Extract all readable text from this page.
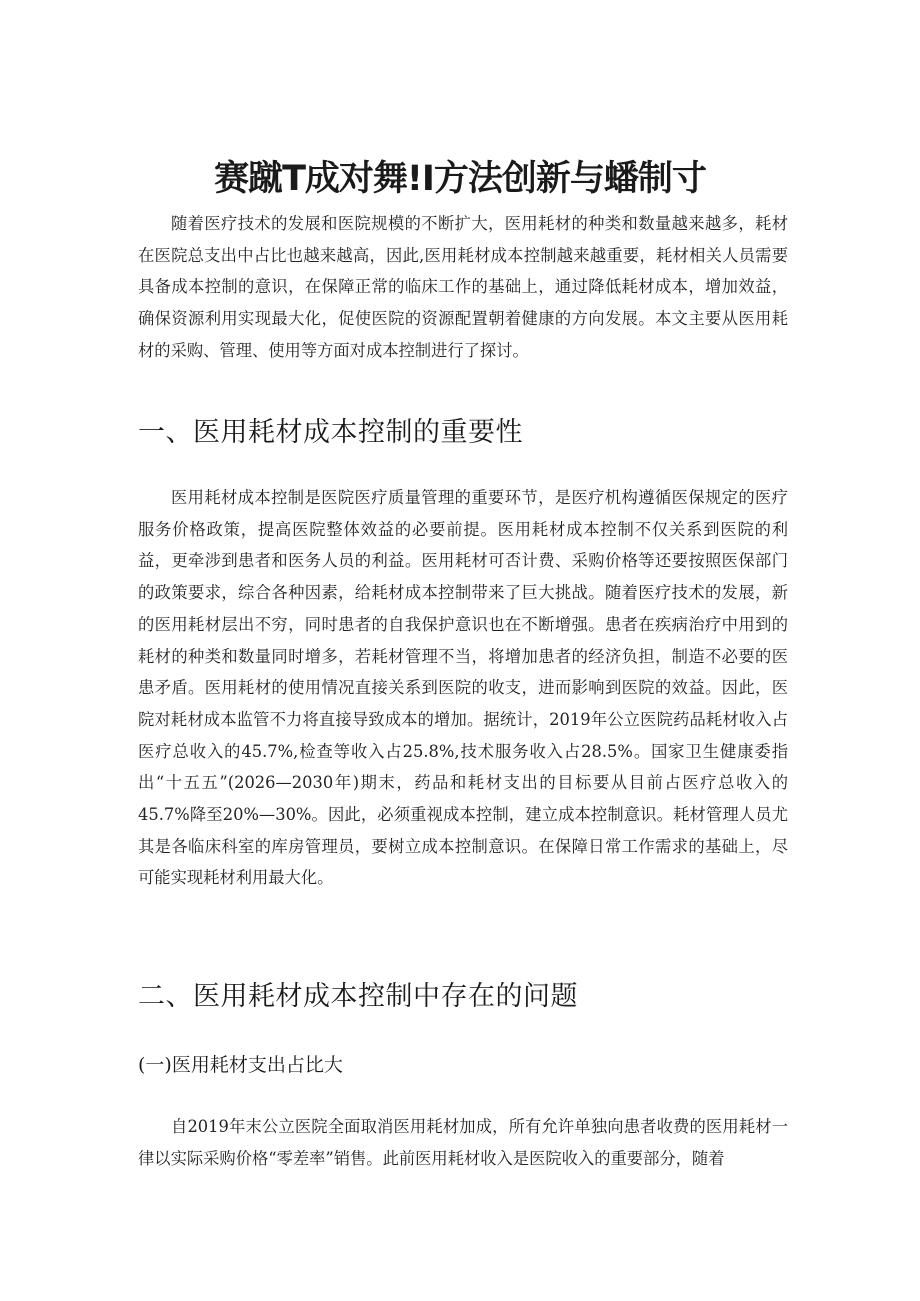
赛蹴T成对舞!I方法创新与蟠制寸

随着医疗技术的发展和医院规模的不断扩大，医用耗材的种类和数量越来越多，耗材在医院总支出中占比也越来越高，因此,医用耗材成本控制越来越重要，耗材相关人员需要具备成本控制的意识，在保障正常的临床工作的基础上，通过降低耗材成本，增加效益，确保资源利用实现最大化，促使医院的资源配置朝着健康的方向发展。本文主要从医用耗材的采购、管理、使用等方面对成本控制进行了探讨。

一、医用耗材成本控制的重要性

医用耗材成本控制是医院医疗质量管理的重要环节，是医疗机构遵循医保规定的医疗服务价格政策，提高医院整体效益的必要前提。医用耗材成本控制不仅关系到医院的利益，更牵涉到患者和医务人员的利益。医用耗材可否计费、采购价格等还要按照医保部门的政策要求，综合各种因素，给耗材成本控制带来了巨大挑战。随着医疗技术的发展，新的医用耗材层出不穷，同时患者的自我保护意识也在不断增强。患者在疾病治疗中用到的耗材的种类和数量同时增多，若耗材管理不当，将增加患者的经济负担，制造不必要的医患矛盾。医用耗材的使用情况直接关系到医院的收支，进而影响到医院的效益。因此，医院对耗材成本监管不力将直接导致成本的增加。据统计，2019年公立医院药品耗材收入占医疗总收入的45.7%,检查等收入占25.8%,技术服务收入占28.5%。国家卫生健康委指出“十五五”(2026—2030年)期末，药品和耗材支出的目标要从目前占医疗总收入的45.7%降至20%—30%。因此，必须重视成本控制，建立成本控制意识。耗材管理人员尤其是各临床科室的库房管理员，要树立成本控制意识。在保障日常工作需求的基础上，尽可能实现耗材利用最大化。

二、医用耗材成本控制中存在的问题
(一)医用耗材支出占比大

自2019年末公立医院全面取消医用耗材加成，所有允许单独向患者收费的医用耗材一律以实际采购价格“零差率”销售。此前医用耗材收入是医院收入的重要部分，随着
